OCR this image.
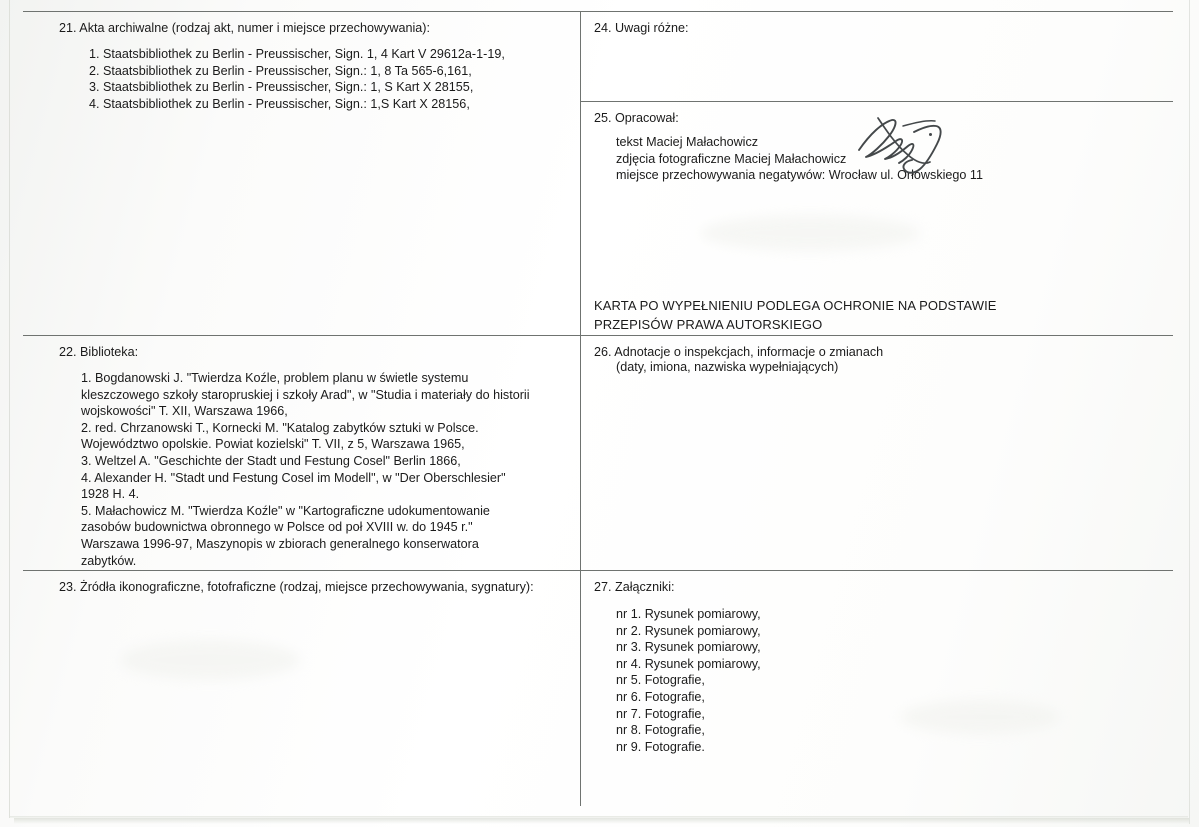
21. Akta archiwalne (rodzaj akt, numer i miejsce przechowywania):
1. Staatsbibliothek zu Berlin - Preussischer, Sign. 1, 4 Kart V 29612a-1-19,
2. Staatsbibliothek zu Berlin - Preussischer, Sign.: 1, 8 Ta 565-6,161,
3. Staatsbibliothek zu Berlin - Preussischer, Sign.: 1, S Kart X 28155,
4. Staatsbibliothek zu Berlin - Preussischer, Sign.: 1,S Kart X 28156,
24. Uwagi różne:
25. Opracował:
tekst Maciej Małachowicz
zdjęcia fotograficzne Maciej Małachowicz
miejsce przechowywania negatywów: Wrocław ul. Orłowskiego 11
KARTA PO WYPEŁNIENIU PODLEGA OCHRONIE NA PODSTAWIE
PRZEPISÓW PRAWA AUTORSKIEGO
22. Biblioteka:
1. Bogdanowski J. "Twierdza Koźle, problem planu w świetle systemu
kleszczowego szkoły staropruskiej i szkoły Arad", w "Studia i materiały do historii
wojskowości" T. XII, Warszawa 1966,
2. red. Chrzanowski T., Kornecki M. "Katalog zabytków sztuki w Polsce.
Województwo opolskie. Powiat kozielski" T. VII, z 5, Warszawa 1965,
3. Weltzel A. "Geschichte der Stadt und Festung Cosel" Berlin 1866,
4. Alexander H. "Stadt und Festung Cosel im Modell", w "Der Oberschlesier"
1928 H. 4.
5. Małachowicz M. "Twierdza Koźle" w "Kartograficzne udokumentowanie
zasobów budownictwa obronnego w Polsce od poł XVIII w. do 1945 r."
Warszawa 1996-97, Maszynopis w zbiorach generalnego konserwatora
zabytków.
26. Adnotacje o inspekcjach, informacje o zmianach
(daty, imiona, nazwiska wypełniających)
23. Żródła ikonograficzne, fotofraficzne (rodzaj, miejsce przechowywania, sygnatury):	27. Załączniki:
nr 1. Rysunek pomiarowy,
nr 2. Rysunek pomiarowy,
nr 3. Rysunek pomiarowy,
nr 4. Rysunek pomiarowy,
nr 5. Fotografie,
nr 6. Fotografie,
nr 7. Fotografie,
nr 8. Fotografie,
nr 9. Fotografie.
